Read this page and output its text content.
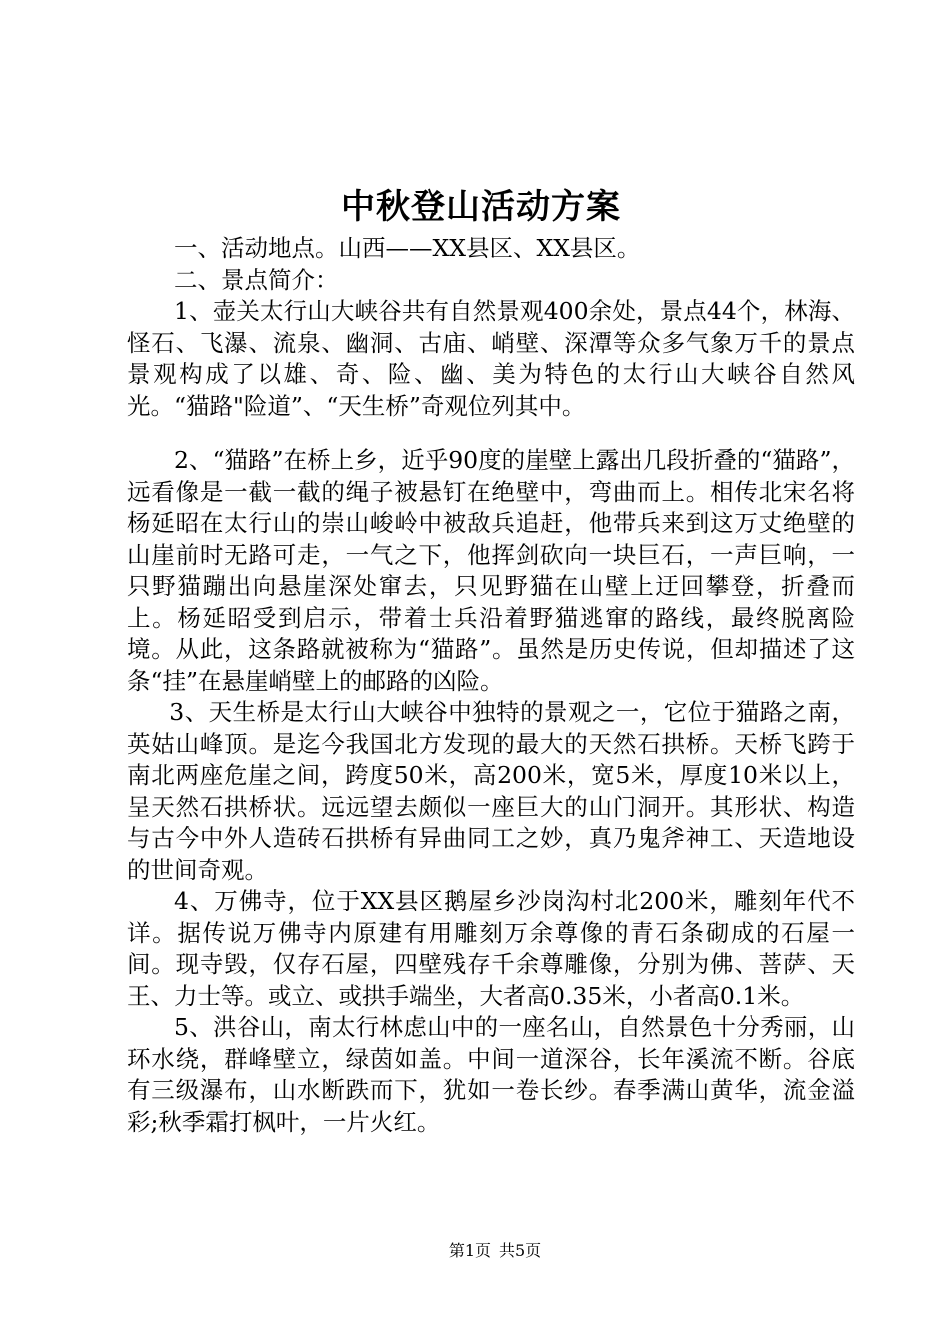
中秋登山活动方案

一、活动地点。山西——XX县区、XX县区。

二、景点简介：

1、壶关太行山大峡谷共有自然景观400余处，景点44个，林海、怪石、飞瀑、流泉、幽洞、古庙、峭壁、深潭等众多气象万千的景点景观构成了以雄、奇、险、幽、美为特色的太行山大峡谷自然风光。“猫路"险道”、“天生桥”奇观位列其中。

2、“猫路”在桥上乡，近乎90度的崖壁上露出几段折叠的“猫路”，远看像是一截一截的绳子被悬钉在绝壁中，弯曲而上。相传北宋名将杨延昭在太行山的崇山峻岭中被敌兵追赶，他带兵来到这万丈绝壁的山崖前时无路可走，一气之下，他挥剑砍向一块巨石，一声巨响，一只野猫蹦出向悬崖深处窜去，只见野猫在山壁上迂回攀登，折叠而上。杨延昭受到启示，带着士兵沿着野猫逃窜的路线，最终脱离险境。从此，这条路就被称为“猫路”。虽然是历史传说，但却描述了这条“挂”在悬崖峭壁上的邮路的凶险。

3、天生桥是太行山大峡谷中独特的景观之一，它位于猫路之南，英姑山峰顶。是迄今我国北方发现的最大的天然石拱桥。天桥飞跨于南北两座危崖之间，跨度50米，高200米，宽5米，厚度10米以上，呈天然石拱桥状。远远望去颇似一座巨大的山门洞开。其形状、构造与古今中外人造砖石拱桥有异曲同工之妙，真乃鬼斧神工、天造地设的世间奇观。

4、万佛寺，位于XX县区鹅屋乡沙岗沟村北200米，雕刻年代不详。据传说万佛寺内原建有用雕刻万余尊像的青石条砌成的石屋一间。现寺毁，仅存石屋，四壁残存千余尊雕像，分别为佛、菩萨、天王、力士等。或立、或拱手端坐，大者高0.35米，小者高0.1米。

5、洪谷山，南太行林虑山中的一座名山，自然景色十分秀丽，山环水绕，群峰壁立，绿茵如盖。中间一道深谷，长年溪流不断。谷底有三级瀑布，山水断跌而下，犹如一卷长纱。春季满山黄华，流金溢彩;秋季霜打枫叶，一片火红。

第1页 共5页
